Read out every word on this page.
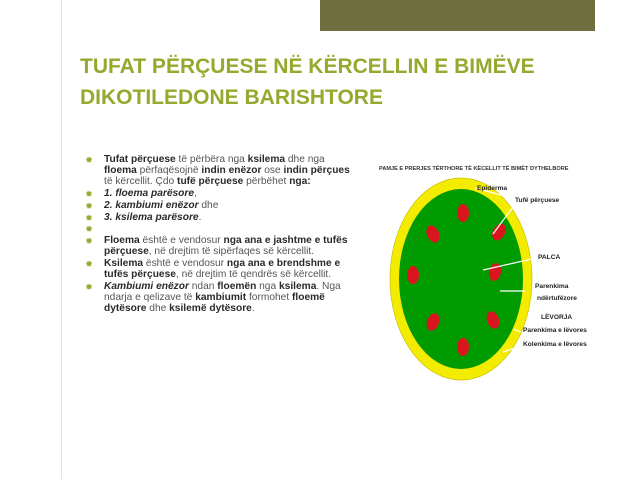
TUFAT PËRÇUESE NË KËRCELLIN E BIMËVE
DIKOTILEDONE BARISHTORE
✹	Tufat përçuese të përbëra nga ksilema dhe nga floema përfaqësojnë indin enëzor ose indin përçues të kërcellit. Çdo tufë përçuese përbëhet nga:
✹	1. floema parësore,
✹	2. kambiumi enëzor dhe
✹	3. ksilema parësore.
✹

✹	Floema është e vendosur nga ana e jashtme e tufës përçuese, në drejtim të sipërfaqes së kërcellit.
✹	Ksilema është e vendosur nga ana e brendshme e tufës përçuese, në drejtim të qendrës së kërcellit.
✹	Kambiumi enëzor ndan floemën nga ksilema. Nga ndarja e qelizave të kambiumit formohet floemë dytësore dhe ksilemë dytësore.
PAMJE E PRERJES TËRTHORE TË KËCELLIT TË BIMËT DYTHELBORE
Epiderma
Tufë përçuese
PALCA
Parenkima
ndërtufëzore
LËVORJA
Parenkima e lëvores
Kolenkima e lëvores
